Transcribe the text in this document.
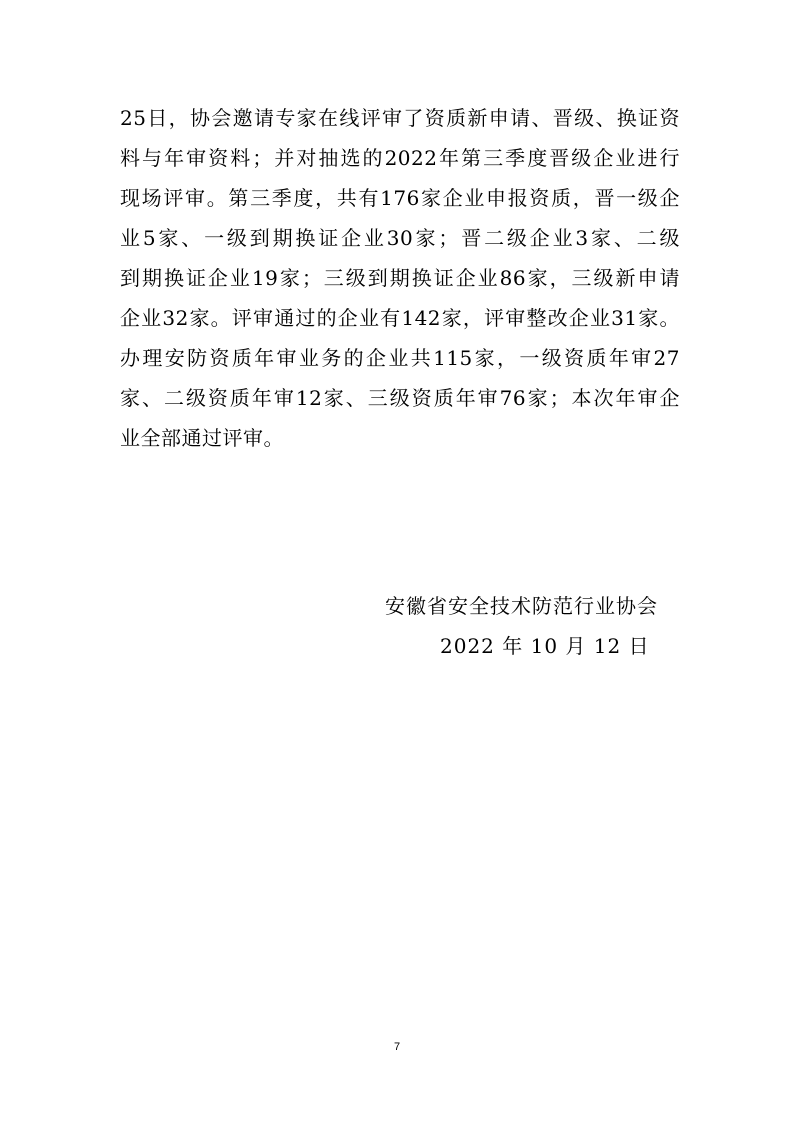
25日，协会邀请专家在线评审了资质新申请、晋级、换证资
料与年审资料；并对抽选的2022年第三季度晋级企业进行
现场评审。第三季度，共有176家企业申报资质，晋一级企
业5家、一级到期换证企业30家；晋二级企业3家、二级
到期换证企业19家；三级到期换证企业86家，三级新申请
企业32家。评审通过的企业有142家，评审整改企业31家。
办理安防资质年审业务的企业共115家，一级资质年审27
家、二级资质年审12家、三级资质年审76家；本次年审企
业全部通过评审。
安徽省安全技术防范行业协会
2022 年 10 月 12 日
7
